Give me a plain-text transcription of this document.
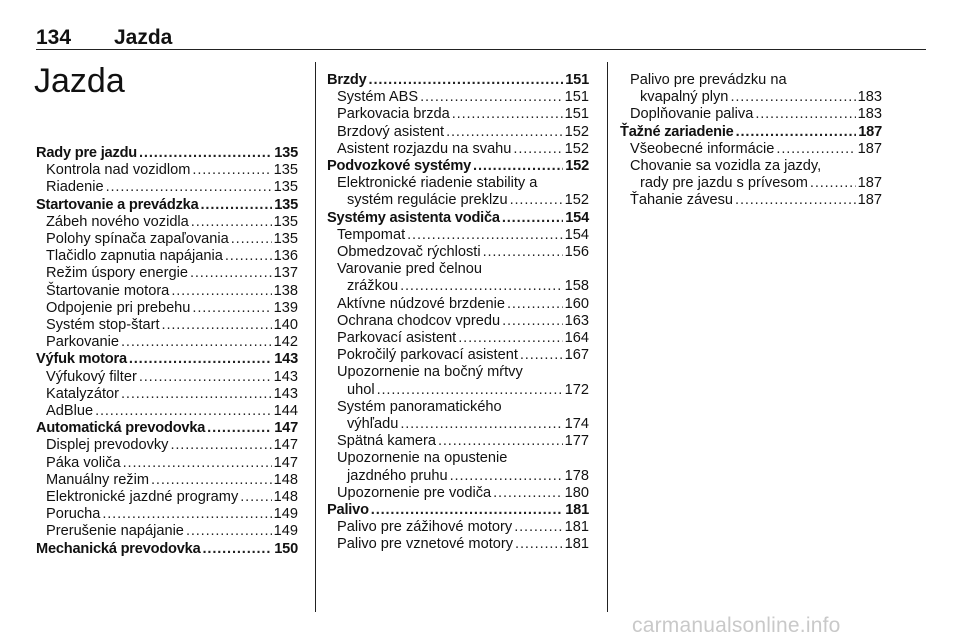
134 Jazda
Jazda
Rady pre jazdu . . .	135
Kontrola nad vozidlom . . .	135
Riadenie . . .	135
Startovanie a prevádzka . . .	135
Zábeh nového vozidla . . .	135
Polohy spínača zapaľovania . . .	135
Tlačidlo zapnutia napájania . . .	136
Režim úspory energie . . .	137
Štartovanie motora . . .	138
Odpojenie pri prebehu . . .	139
Systém stop-štart . . .	140
Parkovanie . . .	142
Výfuk motora . . .	143
Výfukový filter . . .	143
Katalyzátor . . .	143
AdBlue . . .	144
Automatická prevodovka . . .	147
Displej prevodovky . . .	147
Páka voliča . . .	147
Manuálny režim . . .	148
Elektronické jazdné programy . . . 148
Porucha . . .	149
Prerušenie napájanie . . .	149
Mechanická prevodovka . . .	150
Brzdy . . .	151
Systém ABS . . .	151
Parkovacia brzda . . .	151
Brzdový asistent . . .	152
Asistent rozjazdu na svahu . . .	152
Podvozkové systémy . . .	152
Elektronické riadenie stability a
systém regulácie preklzu . . .	152
Systémy asistenta vodiča . . .	154
Tempomat . . .	154
Obmedzovač rýchlosti . . .	156
Varovanie pred čelnou
zrážkou . . .	158
Aktívne núdzové brzdenie . . .	160
Ochrana chodcov vpredu . . .	163
Parkovací asistent . . .	164
Pokročilý parkovací asistent . . .	167
Upozornenie na bočný mŕtvy
uhol . . .	172
Systém panoramatického
výhľadu . . .	174
Spätná kamera . . .	177
Upozornenie na opustenie
jazdného pruhu . . .	178
Upozornenie pre vodiča . . .	180
Palivo . . .	181
Palivo pre zážihové motory . . .	181
Palivo pre vznetové motory . . .	181
Palivo pre prevádzku na
kvapalný plyn . . .	183
Doplňovanie paliva . . .	183
Ťažné zariadenie . . .	187
Všeobecné informácie . . .	187
Chovanie sa vozidla za jazdy,
rady pre jazdu s prívesom . . .	187
Ťahanie závesu . . .	187
carmanualsonline.info
